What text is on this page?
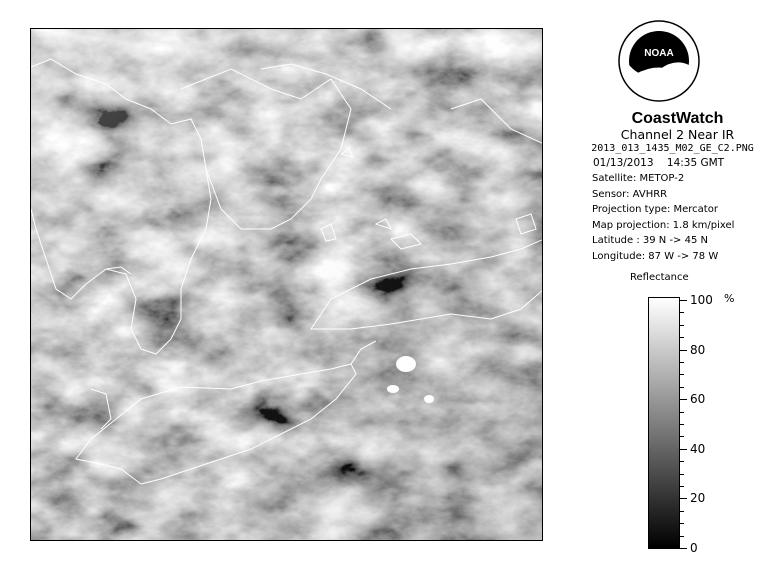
NOAA
CoastWatch
Channel 2 Near IR
2013_013_1435_M02_GE_C2.PNG
01/13/2013 14:35 GMT
Satellite: METOP-2
Sensor: AVHRR
Projection type: Mercator
Map projection: 1.8 km/pixel
Latitude : 39 N -> 45 N
Longitude: 87 W -> 78 W
Reflectance
%
100
80
60
40
20
0
